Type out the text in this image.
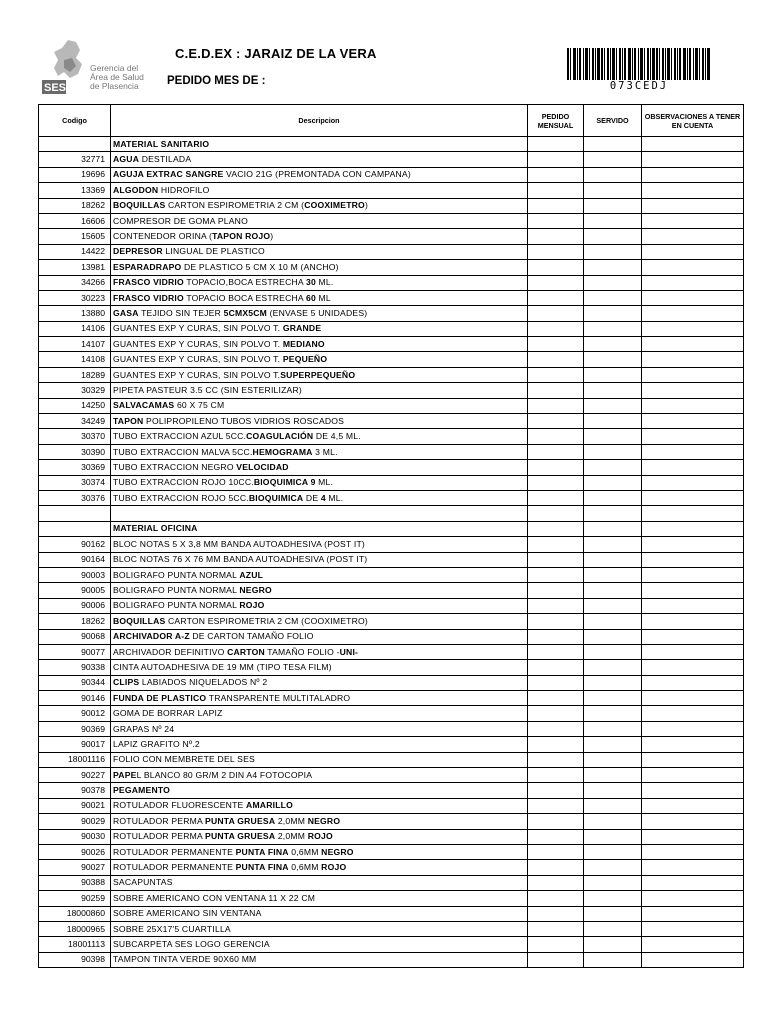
SES
Gerencia del
Área de Salud
de Plasencia
C.E.D.EX : JARAIZ DE LA VERA
PEDIDO MES DE :	073CEDJ
Codigo	Descripcion	PEDIDO MENSUAL	SERVIDO	OBSERVACIONES A TENER EN CUENTA
	MATERIAL SANITARIO			
32771	AGUA DESTILADA			
19696	AGUJA EXTRAC SANGRE VACIO 21G (PREMONTADA CON CAMPANA)			
13369	ALGODON HIDROFILO			
18262	BOQUILLAS CARTON ESPIROMETRIA 2 CM (COOXIMETRO)			
16606	COMPRESOR DE GOMA PLANO			
15605	CONTENEDOR ORINA (TAPON ROJO)			
14422	DEPRESOR LINGUAL DE PLASTICO			
13981	ESPARADRAPO DE PLASTICO 5 CM X 10 M (ANCHO)			
34266	FRASCO VIDRIO TOPACIO,BOCA ESTRECHA 30 ML.			
30223	FRASCO VIDRIO TOPACIO BOCA ESTRECHA 60 ML			
13880	GASA TEJIDO SIN TEJER 5CMX5CM (ENVASE 5 UNIDADES)			
14106	GUANTES EXP Y CURAS, SIN POLVO T. GRANDE			
14107	GUANTES EXP Y CURAS, SIN POLVO T. MEDIANO			
14108	GUANTES EXP Y CURAS, SIN POLVO T. PEQUEÑO			
18289	GUANTES EXP Y CURAS, SIN POLVO T.SUPERPEQUEÑO			
30329	PIPETA PASTEUR 3.5 CC (SIN ESTERILIZAR)			
14250	SALVACAMAS 60 X 75 CM			
34249	TAPON POLIPROPILENO TUBOS VIDRIOS ROSCADOS			
30370	TUBO EXTRACCION AZUL 5CC.COAGULACIÓN DE 4,5 ML.			
30390	TUBO EXTRACCION MALVA 5CC.HEMOGRAMA 3 ML.			
30369	TUBO EXTRACCION NEGRO VELOCIDAD			
30374	TUBO EXTRACCION ROJO 10CC.BIOQUIMICA 9 ML.			
30376	TUBO EXTRACCION ROJO 5CC.BIOQUIMICA DE 4 ML.			

	MATERIAL OFICINA			
90162	BLOC NOTAS 5 X 3,8 MM BANDA AUTOADHESIVA (POST IT)			
90164	BLOC NOTAS 76 X 76 MM BANDA AUTOADHESIVA (POST IT)			
90003	BOLIGRAFO PUNTA NORMAL AZUL			
90005	BOLIGRAFO PUNTA NORMAL NEGRO			
90006	BOLIGRAFO PUNTA NORMAL ROJO			
18262	BOQUILLAS CARTON ESPIROMETRIA 2 CM (COOXIMETRO)			
90068	ARCHIVADOR A-Z DE CARTON TAMAÑO FOLIO			
90077	ARCHIVADOR DEFINITIVO CARTON TAMAÑO FOLIO -UNI-			
90338	CINTA AUTOADHESIVA DE 19 MM (TIPO TESA FILM)			
90344	CLIPS LABIADOS NIQUELADOS Nº 2			
90146	FUNDA DE PLASTICO TRANSPARENTE MULTITALADRO			
90012	GOMA DE BORRAR LAPIZ			
90369	GRAPAS Nº 24			
90017	LAPIZ GRAFITO Nº.2			
18001116	FOLIO CON MEMBRETE DEL SES			
90227	PAPEL BLANCO 80 GR/M 2 DIN A4 FOTOCOPIA			
90378	PEGAMENTO			
90021	ROTULADOR FLUORESCENTE AMARILLO			
90029	ROTULADOR PERMA PUNTA GRUESA 2,0MM NEGRO			
90030	ROTULADOR PERMA PUNTA GRUESA 2,0MM ROJO			
90026	ROTULADOR PERMANENTE PUNTA FINA 0,6MM NEGRO			
90027	ROTULADOR PERMANENTE PUNTA FINA 0,6MM ROJO			
90388	SACAPUNTAS			
90259	SOBRE AMERICANO CON VENTANA 11 X 22 CM			
18000860	SOBRE AMERICANO SIN VENTANA			
18000965	SOBRE 25X17'5 CUARTILLA			
18001113	SUBCARPETA SES LOGO GERENCIA			
90398	TAMPON TINTA VERDE 90X60 MM			
